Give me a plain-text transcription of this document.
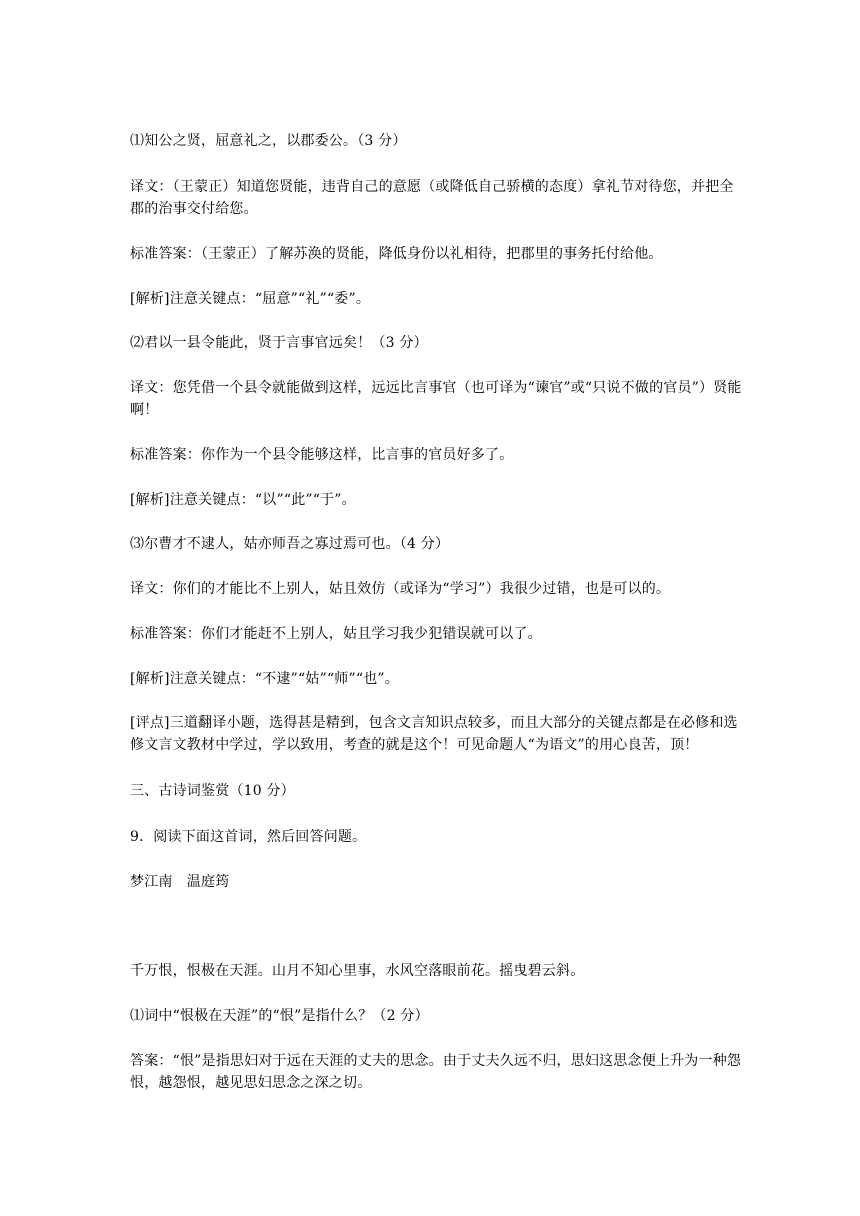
⑴知公之贤，屈意礼之，以郡委公。（3 分）

译文：（王蒙正）知道您贤能，违背自己的意愿（或降低自己骄横的态度）拿礼节对待您，并把全郡的治事交付给您。

标准答案：（王蒙正）了解苏涣的贤能，降低身份以礼相待，把郡里的事务托付给他。

[解析]注意关键点：“屈意”“礼”“委”。

⑵君以一县令能此，贤于言事官远矣！（3 分）

译文：您凭借一个县令就能做到这样，远远比言事官（也可译为“谏官”或“只说不做的官员”）贤能啊！

标准答案：你作为一个县令能够这样，比言事的官员好多了。

[解析]注意关键点：“以”“此”“于”。

⑶尔曹才不逮人，姑亦师吾之寡过焉可也。（4 分）

译文：你们的才能比不上别人，姑且效仿（或译为“学习”）我很少过错，也是可以的。

标准答案：你们才能赶不上别人，姑且学习我少犯错误就可以了。

[解析]注意关键点：“不逮”“姑”“师”“也”。

[评点]三道翻译小题，选得甚是精到，包含文言知识点较多，而且大部分的关键点都是在必修和选修文言文教材中学过，学以致用，考查的就是这个！可见命题人“为语文”的用心良苦，顶！

三、古诗词鉴赏（10 分）

9．阅读下面这首词，然后回答问题。

梦江南　温庭筠

千万恨，恨极在天涯。山月不知心里事，水风空落眼前花。摇曳碧云斜。

⑴词中“恨极在天涯”的“恨”是指什么？（2 分）

答案：“恨”是指思妇对于远在天涯的丈夫的思念。由于丈夫久远不归，思妇这思念便上升为一种怨恨，越怨恨，越见思妇思念之深之切。
